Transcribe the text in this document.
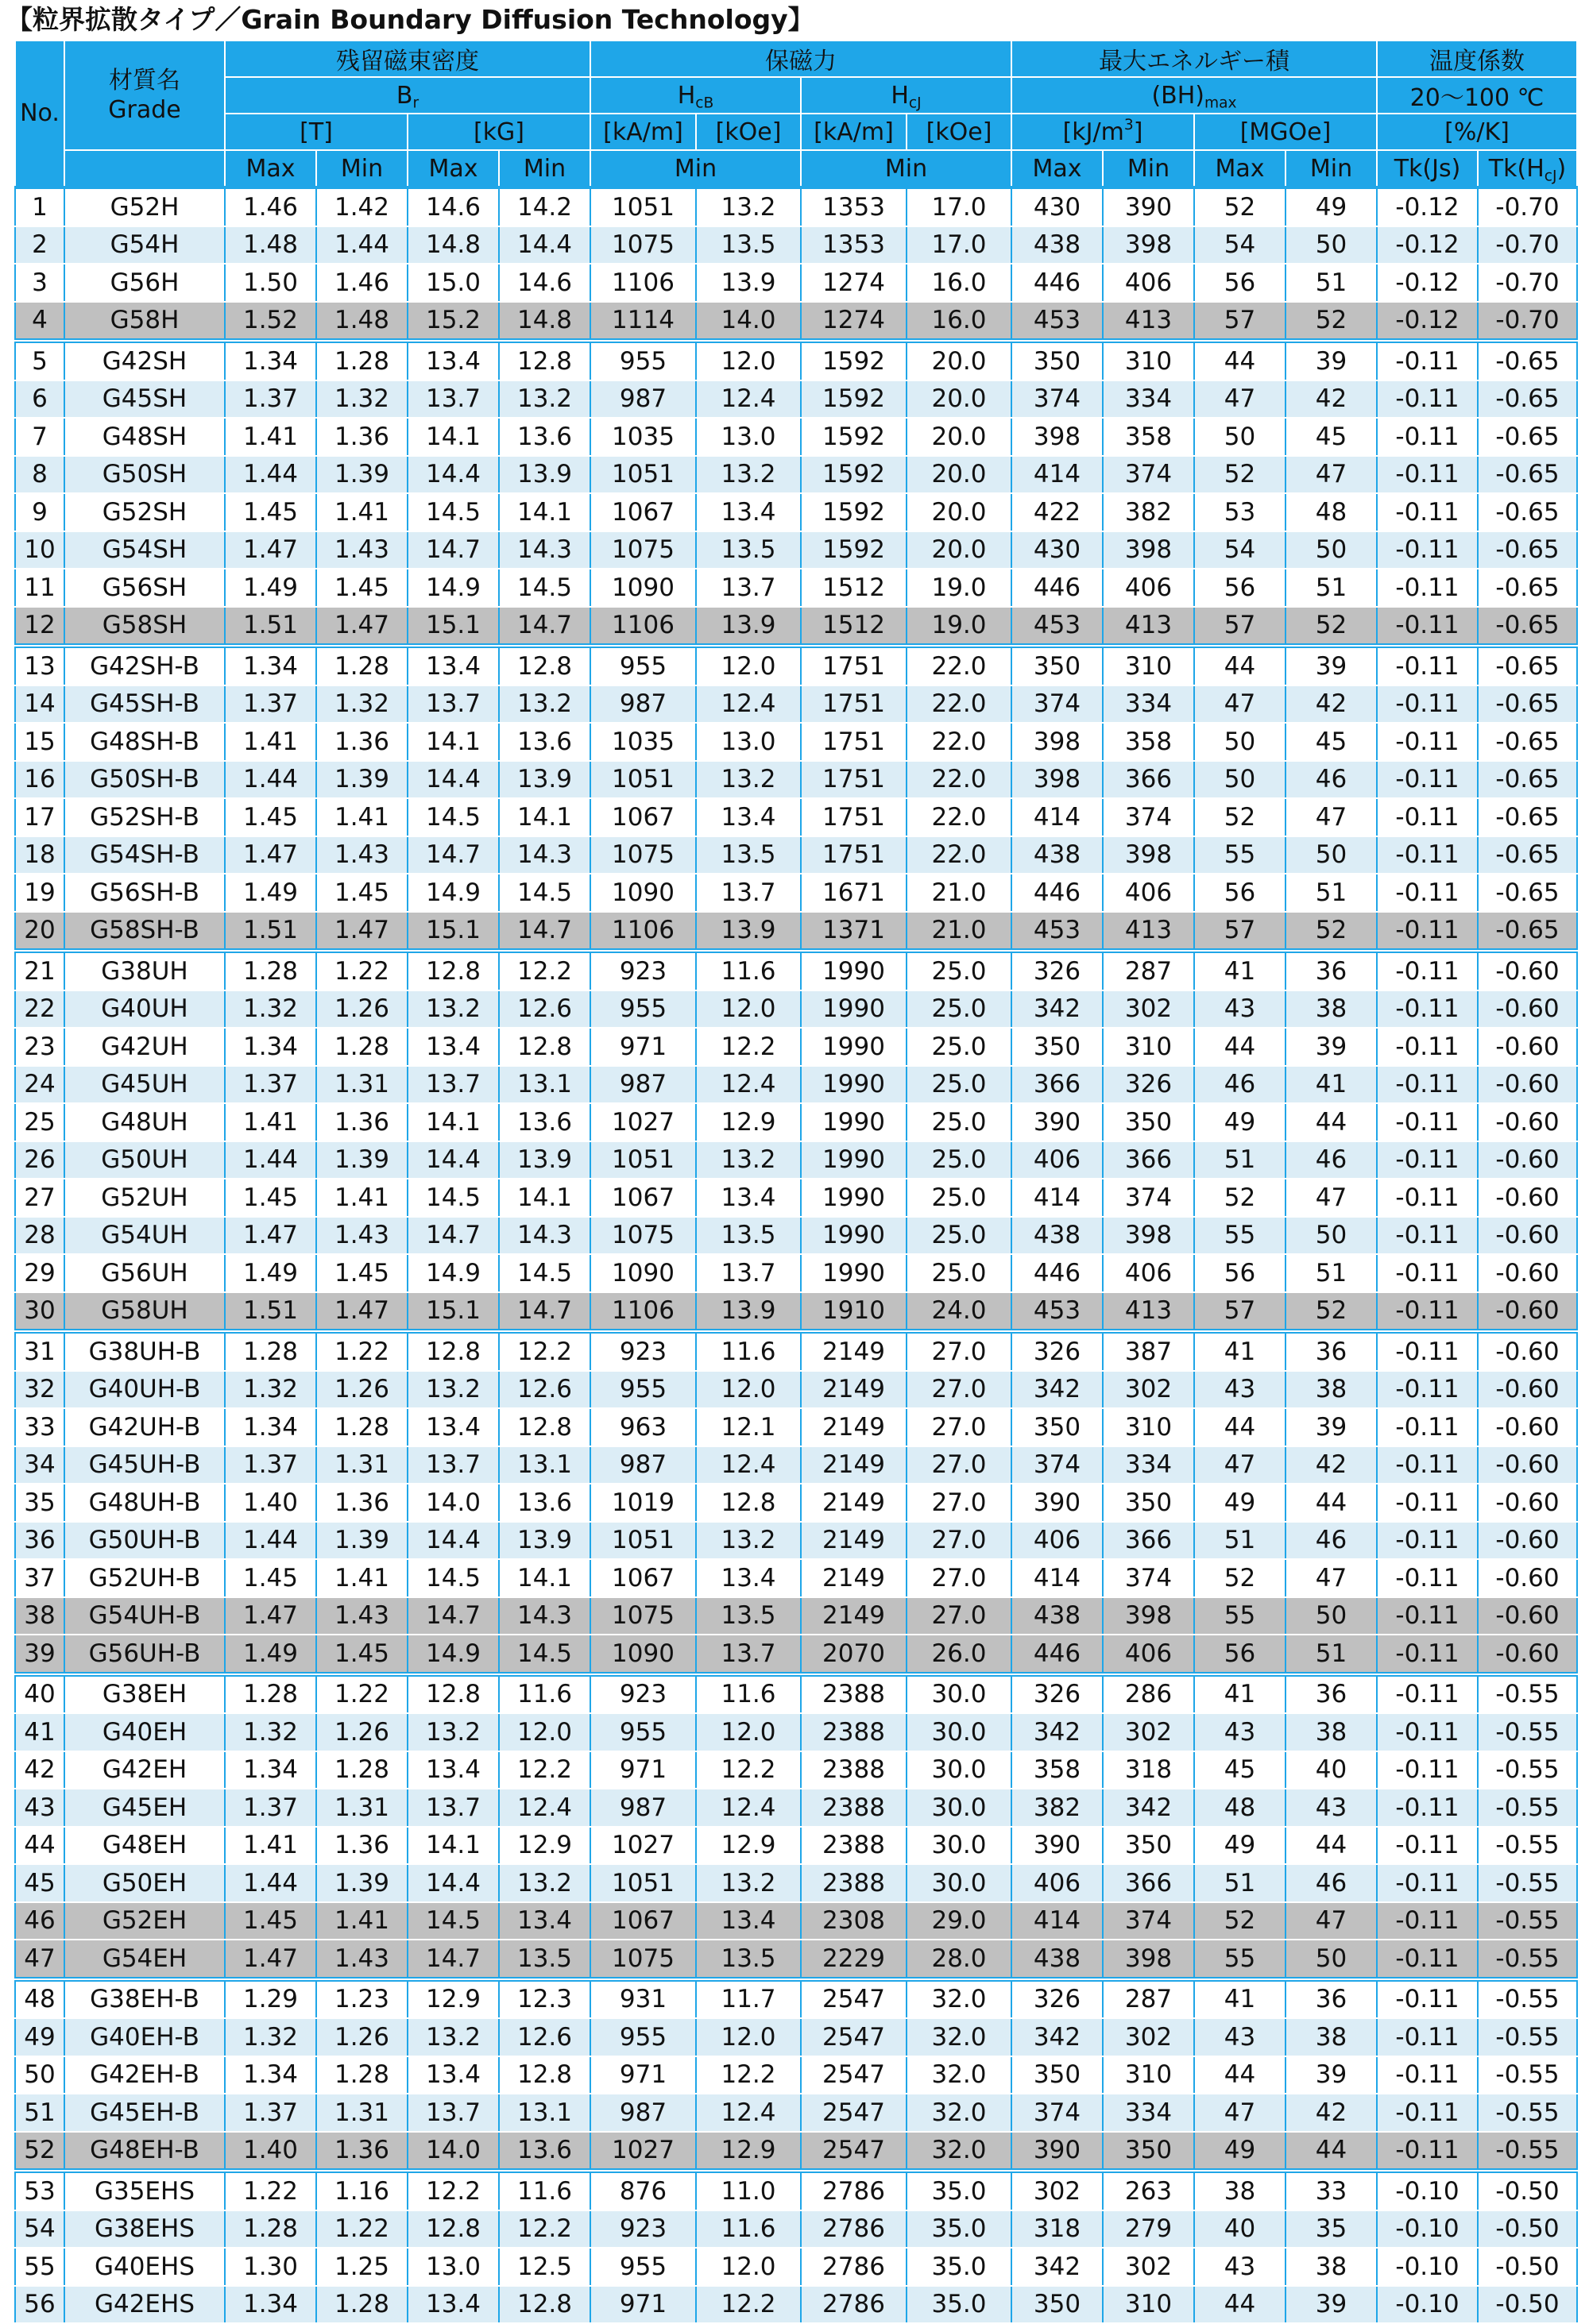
【粒界拡散タイプ／Grain Boundary Diffusion Technology】
No.	材質名
Grade	残留磁束密度				保磁力				最大エネルギー積				温度係数	
		$B_r$				$H_{cB}$		$H_{cJ}$		$(BH)_{max}$				20～100 ℃	
		[T]		[kG]		[kA/m]	[kOe]	[kA/m]	[kOe]	$[kJ/m^3]$		[MGOe]		[%/K]	
		Max	Min	Max	Min	Min		Min		Max	Min	Max	Min	Tk(Js)	$Tk(H_{cJ})$
1	G52H	1.46	1.42	14.6	14.2	1051	13.2	1353	17.0	430	390	52	49	-0.12	-0.70
2	G54H	1.48	1.44	14.8	14.4	1075	13.5	1353	17.0	438	398	54	50	-0.12	-0.70
3	G56H	1.50	1.46	15.0	14.6	1106	13.9	1274	16.0	446	406	56	51	-0.12	-0.70
4	G58H	1.52	1.48	15.2	14.8	1114	14.0	1274	16.0	453	413	57	52	-0.12	-0.70
5	G42SH	1.34	1.28	13.4	12.8	955	12.0	1592	20.0	350	310	44	39	-0.11	-0.65
6	G45SH	1.37	1.32	13.7	13.2	987	12.4	1592	20.0	374	334	47	42	-0.11	-0.65
7	G48SH	1.41	1.36	14.1	13.6	1035	13.0	1592	20.0	398	358	50	45	-0.11	-0.65
8	G50SH	1.44	1.39	14.4	13.9	1051	13.2	1592	20.0	414	374	52	47	-0.11	-0.65
9	G52SH	1.45	1.41	14.5	14.1	1067	13.4	1592	20.0	422	382	53	48	-0.11	-0.65
10	G54SH	1.47	1.43	14.7	14.3	1075	13.5	1592	20.0	430	398	54	50	-0.11	-0.65
11	G56SH	1.49	1.45	14.9	14.5	1090	13.7	1512	19.0	446	406	56	51	-0.11	-0.65
12	G58SH	1.51	1.47	15.1	14.7	1106	13.9	1512	19.0	453	413	57	52	-0.11	-0.65
13	G42SH-B	1.34	1.28	13.4	12.8	955	12.0	1751	22.0	350	310	44	39	-0.11	-0.65
14	G45SH-B	1.37	1.32	13.7	13.2	987	12.4	1751	22.0	374	334	47	42	-0.11	-0.65
15	G48SH-B	1.41	1.36	14.1	13.6	1035	13.0	1751	22.0	398	358	50	45	-0.11	-0.65
16	G50SH-B	1.44	1.39	14.4	13.9	1051	13.2	1751	22.0	398	366	50	46	-0.11	-0.65
17	G52SH-B	1.45	1.41	14.5	14.1	1067	13.4	1751	22.0	414	374	52	47	-0.11	-0.65
18	G54SH-B	1.47	1.43	14.7	14.3	1075	13.5	1751	22.0	438	398	55	50	-0.11	-0.65
19	G56SH-B	1.49	1.45	14.9	14.5	1090	13.7	1671	21.0	446	406	56	51	-0.11	-0.65
20	G58SH-B	1.51	1.47	15.1	14.7	1106	13.9	1371	21.0	453	413	57	52	-0.11	-0.65
21	G38UH	1.28	1.22	12.8	12.2	923	11.6	1990	25.0	326	287	41	36	-0.11	-0.60
22	G40UH	1.32	1.26	13.2	12.6	955	12.0	1990	25.0	342	302	43	38	-0.11	-0.60
23	G42UH	1.34	1.28	13.4	12.8	971	12.2	1990	25.0	350	310	44	39	-0.11	-0.60
24	G45UH	1.37	1.31	13.7	13.1	987	12.4	1990	25.0	366	326	46	41	-0.11	-0.60
25	G48UH	1.41	1.36	14.1	13.6	1027	12.9	1990	25.0	390	350	49	44	-0.11	-0.60
26	G50UH	1.44	1.39	14.4	13.9	1051	13.2	1990	25.0	406	366	51	46	-0.11	-0.60
27	G52UH	1.45	1.41	14.5	14.1	1067	13.4	1990	25.0	414	374	52	47	-0.11	-0.60
28	G54UH	1.47	1.43	14.7	14.3	1075	13.5	1990	25.0	438	398	55	50	-0.11	-0.60
29	G56UH	1.49	1.45	14.9	14.5	1090	13.7	1990	25.0	446	406	56	51	-0.11	-0.60
30	G58UH	1.51	1.47	15.1	14.7	1106	13.9	1910	24.0	453	413	57	52	-0.11	-0.60
31	G38UH-B	1.28	1.22	12.8	12.2	923	11.6	2149	27.0	326	387	41	36	-0.11	-0.60
32	G40UH-B	1.32	1.26	13.2	12.6	955	12.0	2149	27.0	342	302	43	38	-0.11	-0.60
33	G42UH-B	1.34	1.28	13.4	12.8	963	12.1	2149	27.0	350	310	44	39	-0.11	-0.60
34	G45UH-B	1.37	1.31	13.7	13.1	987	12.4	2149	27.0	374	334	47	42	-0.11	-0.60
35	G48UH-B	1.40	1.36	14.0	13.6	1019	12.8	2149	27.0	390	350	49	44	-0.11	-0.60
36	G50UH-B	1.44	1.39	14.4	13.9	1051	13.2	2149	27.0	406	366	51	46	-0.11	-0.60
37	G52UH-B	1.45	1.41	14.5	14.1	1067	13.4	2149	27.0	414	374	52	47	-0.11	-0.60
38	G54UH-B	1.47	1.43	14.7	14.3	1075	13.5	2149	27.0	438	398	55	50	-0.11	-0.60
39	G56UH-B	1.49	1.45	14.9	14.5	1090	13.7	2070	26.0	446	406	56	51	-0.11	-0.60
40	G38EH	1.28	1.22	12.8	11.6	923	11.6	2388	30.0	326	286	41	36	-0.11	-0.55
41	G40EH	1.32	1.26	13.2	12.0	955	12.0	2388	30.0	342	302	43	38	-0.11	-0.55
42	G42EH	1.34	1.28	13.4	12.2	971	12.2	2388	30.0	358	318	45	40	-0.11	-0.55
43	G45EH	1.37	1.31	13.7	12.4	987	12.4	2388	30.0	382	342	48	43	-0.11	-0.55
44	G48EH	1.41	1.36	14.1	12.9	1027	12.9	2388	30.0	390	350	49	44	-0.11	-0.55
45	G50EH	1.44	1.39	14.4	13.2	1051	13.2	2388	30.0	406	366	51	46	-0.11	-0.55
46	G52EH	1.45	1.41	14.5	13.4	1067	13.4	2308	29.0	414	374	52	47	-0.11	-0.55
47	G54EH	1.47	1.43	14.7	13.5	1075	13.5	2229	28.0	438	398	55	50	-0.11	-0.55
48	G38EH-B	1.29	1.23	12.9	12.3	931	11.7	2547	32.0	326	287	41	36	-0.11	-0.55
49	G40EH-B	1.32	1.26	13.2	12.6	955	12.0	2547	32.0	342	302	43	38	-0.11	-0.55
50	G42EH-B	1.34	1.28	13.4	12.8	971	12.2	2547	32.0	350	310	44	39	-0.11	-0.55
51	G45EH-B	1.37	1.31	13.7	13.1	987	12.4	2547	32.0	374	334	47	42	-0.11	-0.55
52	G48EH-B	1.40	1.36	14.0	13.6	1027	12.9	2547	32.0	390	350	49	44	-0.11	-0.55
53	G35EHS	1.22	1.16	12.2	11.6	876	11.0	2786	35.0	302	263	38	33	-0.10	-0.50
54	G38EHS	1.28	1.22	12.8	12.2	923	11.6	2786	35.0	318	279	40	35	-0.10	-0.50
55	G40EHS	1.30	1.25	13.0	12.5	955	12.0	2786	35.0	342	302	43	38	-0.10	-0.50
56	G42EHS	1.34	1.28	13.4	12.8	971	12.2	2786	35.0	350	310	44	39	-0.10	-0.50
